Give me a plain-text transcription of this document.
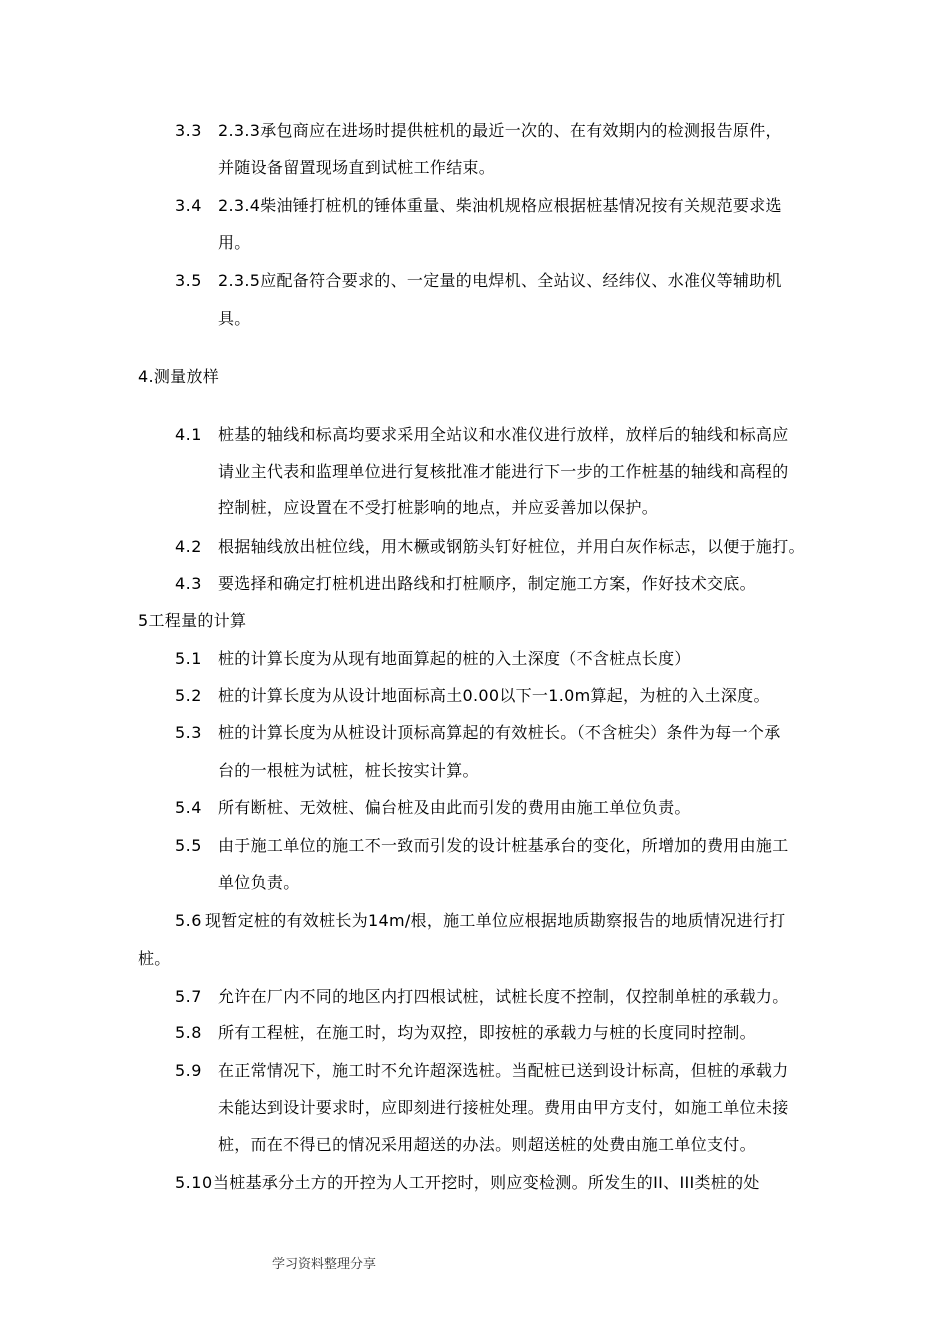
3.3 2.3.3承包商应在进场时提供桩机的最近一次的、在有效期内的检测报告原件，
并随设备留置现场直到试桩工作结束。
3.4 2.3.4柴油锤打桩机的锤体重量、柴油机规格应根据桩基情况按有关规范要求选
用。
3.5 2.3.5应配备符合要求的、一定量的电焊机、全站议、经纬仪、水准仪等辅助机
具。
4.测量放样
4.1 桩基的轴线和标高均要求采用全站议和水准仪进行放样，放样后的轴线和标高应
请业主代表和监理单位进行复核批准才能进行下一步的工作桩基的轴线和高程的
控制桩，应设置在不受打桩影响的地点，并应妥善加以保护。
4.2 根据轴线放出桩位线，用木橛或钢筋头钉好桩位，并用白灰作标志，以便于施打。
4.3 要选择和确定打桩机进出路线和打桩顺序，制定施工方案，作好技术交底。
5工程量的计算
5.1 桩的计算长度为从现有地面算起的桩的入土深度（不含桩点长度）
5.2 桩的计算长度为从设计地面标高土0.00以下一1.0m算起，为桩的入土深度。
5.3 桩的计算长度为从桩设计顶标高算起的有效桩长。（不含桩尖）条件为每一个承
台的一根桩为试桩，桩长按实计算。
5.4 所有断桩、无效桩、偏台桩及由此而引发的费用由施工单位负责。
5.5 由于施工单位的施工不一致而引发的设计桩基承台的变化，所增加的费用由施工
单位负责。
5.6 现暂定桩的有效桩长为14m/根，施工单位应根据地质勘察报告的地质情况进行打
桩。
5.7 允许在厂内不同的地区内打四根试桩，试桩长度不控制，仅控制单桩的承载力。
5.8 所有工程桩，在施工时，均为双控，即按桩的承载力与桩的长度同时控制。
5.9 在正常情况下，施工时不允许超深选桩。当配桩已送到设计标高，但桩的承载力
未能达到设计要求时，应即刻进行接桩处理。费用由甲方支付，如施工单位未接
桩，而在不得已的情况采用超送的办法。则超送桩的处费由施工单位支付。
5.10 当桩基承分土方的开控为人工开挖时，则应变检测。所发生的II、III类桩的处
学习资料整理分享
